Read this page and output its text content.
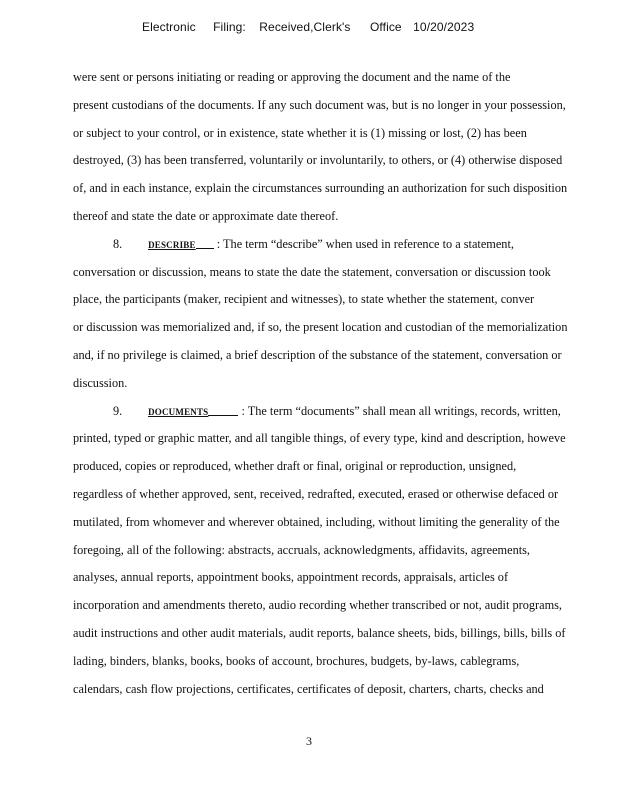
Electronic Filing: Received,Clerk's Office 10/20/2023
were sent or persons initiating or reading or approving the document and the name of the
present custodians of the documents. If any such document was, but is no longer in your possession,
or subject to your control, or in existence, state whether it is (1) missing or lost, (2) has been
destroyed, (3) has been transferred, voluntarily or involuntarily, to others, or (4) otherwise disposed
of, and in each instance, explain the circumstances surrounding an authorization for such disposition
thereof and state the date or approximate date thereof.
8.	DESCRIBE : The term “describe” when used in reference to a statement,
conversation or discussion, means to state the date the statement, conversation or discussion took
place, the participants (maker, recipient and witnesses), to state whether the statement, conver
or discussion was memorialized and, if so, the present location and custodian of the memorialization
and, if no privilege is claimed, a brief description of the substance of the statement, conversation or
discussion.
9.	DOCUMENTS	: The term “documents” shall mean all writings, records, written,
printed, typed or graphic matter, and all tangible things, of every type, kind and description, howeve
produced, copies or reproduced, whether draft or final, original or reproduction, unsigned,
regardless of whether approved, sent, received, redrafted, executed, erased or otherwise defaced or
mutilated, from whomever and wherever obtained, including, without limiting the generality of the
foregoing, all of the following: abstracts, accruals, acknowledgments, affidavits, agreements,
analyses, annual reports, appointment books, appointment records, appraisals, articles of
incorporation and amendments thereto, audio recording whether transcribed or not, audit programs,
audit instructions and other audit materials, audit reports, balance sheets, bids, billings, bills, bills of
lading, binders, blanks, books, books of account, brochures, budgets, by-laws, cablegrams,
calendars, cash flow projections, certificates, certificates of deposit, charters, charts, checks and
3
